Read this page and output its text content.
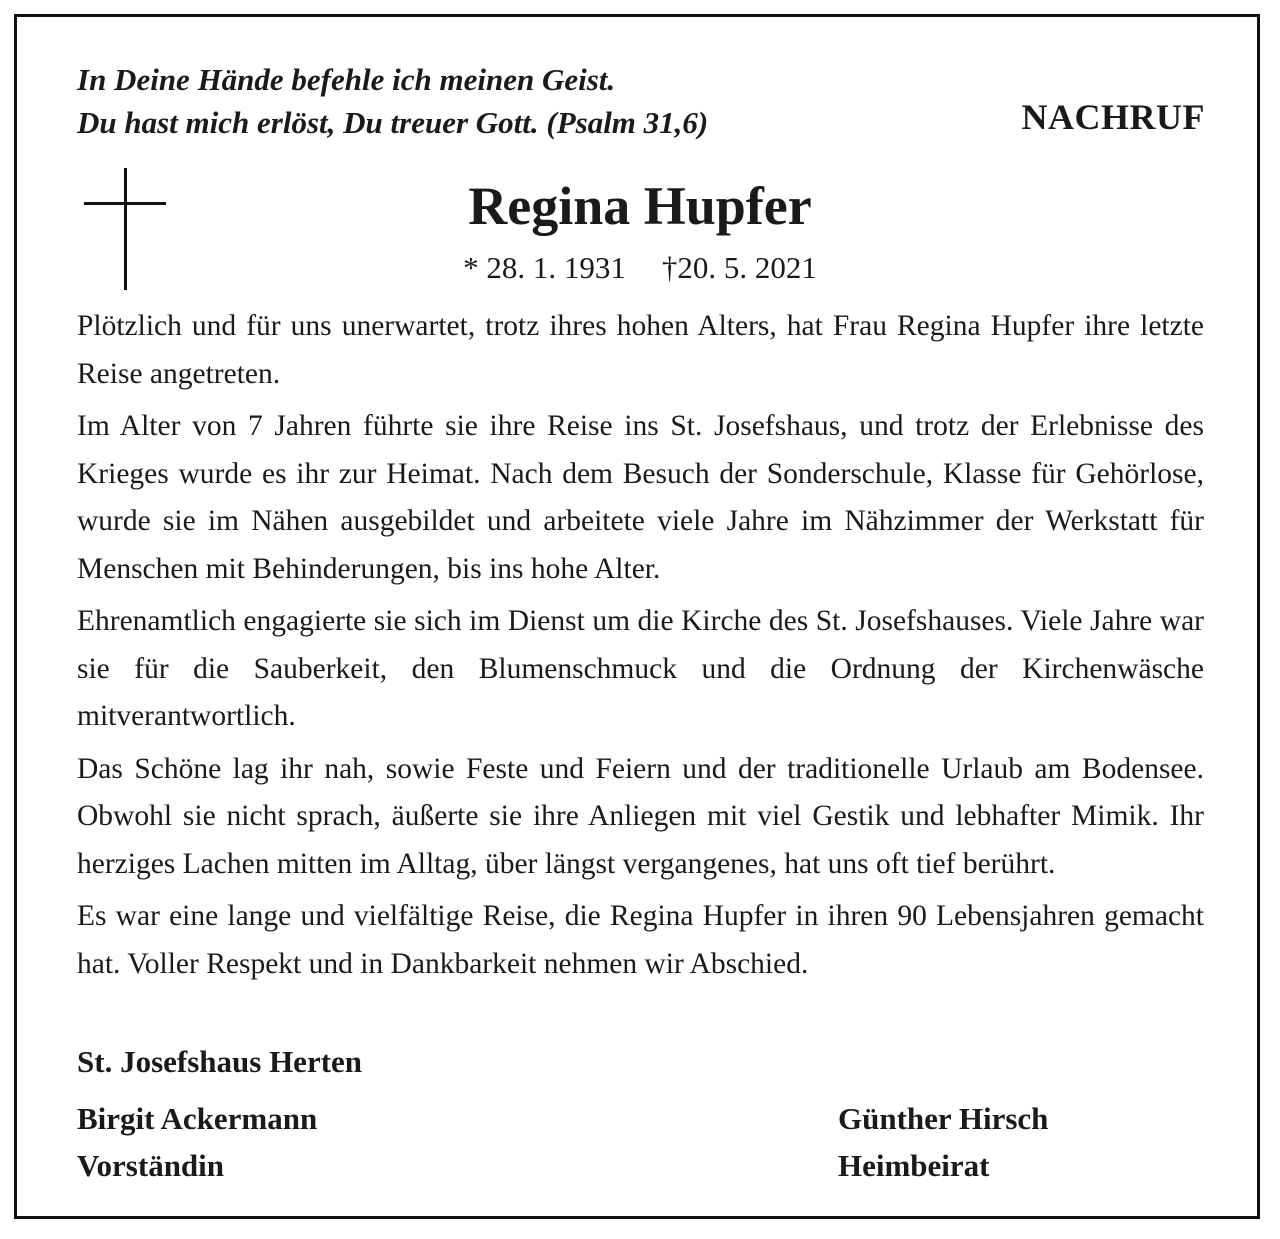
In Deine Hände befehle ich meinen Geist.
Du hast mich erlöst, Du treuer Gott. (Psalm 31,6)	NACHRUF
Regina Hupfer
* 28. 1. 1931 †20. 5. 2021

Plötzlich und für uns unerwartet, trotz ihres hohen Alters, hat Frau Regina Hupfer ihre letzte Reise angetreten.

Im Alter von 7 Jahren führte sie ihre Reise ins St. Josefshaus, und trotz der Erlebnisse des Krieges wurde es ihr zur Heimat. Nach dem Besuch der Sonderschule, Klasse für Gehörlose, wurde sie im Nähen ausgebildet und arbeitete viele Jahre im Nähzimmer der Werkstatt für Menschen mit Behinderungen, bis ins hohe Alter.

Ehrenamtlich engagierte sie sich im Dienst um die Kirche des St. Josefshauses. Viele Jahre war sie für die Sauberkeit, den Blumenschmuck und die Ordnung der Kirchenwäsche mitverantwortlich.

Das Schöne lag ihr nah, sowie Feste und Feiern und der traditionelle Urlaub am Bodensee. Obwohl sie nicht sprach, äußerte sie ihre Anliegen mit viel Gestik und lebhafter Mimik. Ihr herziges Lachen mitten im Alltag, über längst vergangenes, hat uns oft tief berührt.

Es war eine lange und vielfältige Reise, die Regina Hupfer in ihren 90 Lebensjahren gemacht hat. Voller Respekt und in Dankbarkeit nehmen wir Abschied.

St. Josefshaus Herten
Birgit Ackermann
Vorständin
Günther Hirsch
Heimbeirat
